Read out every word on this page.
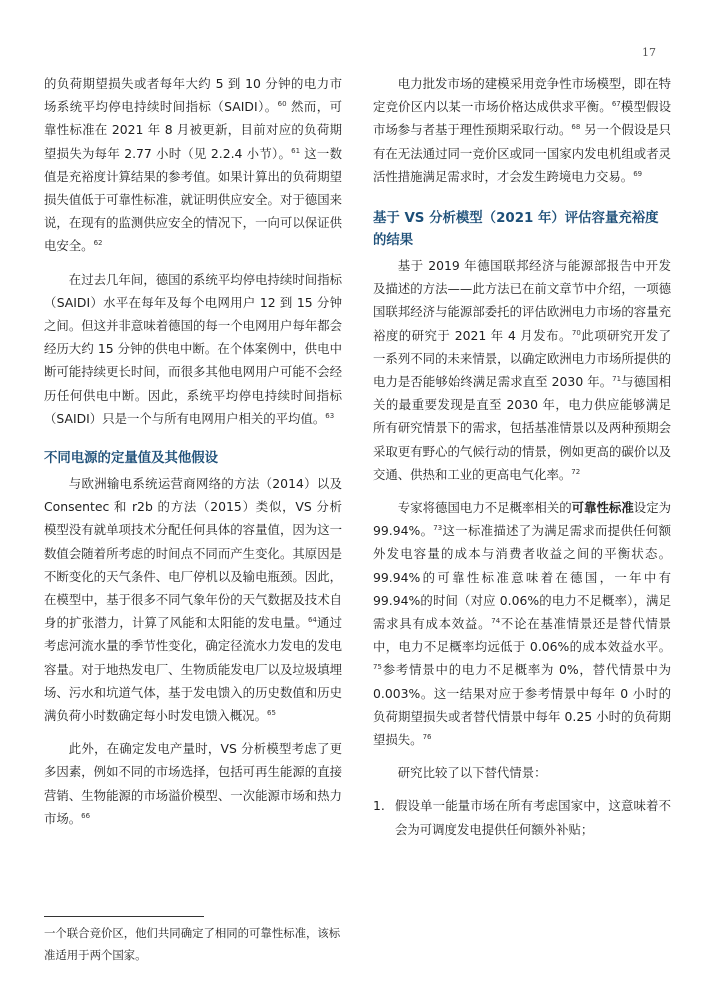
17

的负荷期望损失或者每年大约 5 到 10 分钟的电力市场系统平均停电持续时间指标（SAIDI）。$^{60}$ 然而，可靠性标准在 2021 年 8 月被更新，目前对应的负荷期望损失为每年 2.77 小时（见 2.2.4 小节）。$^{61}$ 这一数值是充裕度计算结果的参考值。如果计算出的负荷期望损失值低于可靠性标准，就证明供应安全。对于德国来说，在现有的监测供应安全的情况下，一向可以保证供电安全。$^{62}$

在过去几年间，德国的系统平均停电持续时间指标（SAIDI）水平在每年及每个电网用户 12 到 15 分钟之间。但这并非意味着德国的每一个电网用户每年都会经历大约 15 分钟的供电中断。在个体案例中，供电中断可能持续更长时间，而很多其他电网用户可能不会经历任何供电中断。因此，系统平均停电持续时间指标（SAIDI）只是一个与所有电网用户相关的平均值。$^{63}$

不同电源的定量值及其他假设

与欧洲输电系统运营商网络的方法（2014）以及 Consentec 和 r2b 的方法（2015）类似，VS 分析模型没有就单项技术分配任何具体的容量值，因为这一数值会随着所考虑的时间点不同而产生变化。其原因是不断变化的天气条件、电厂停机以及输电瓶颈。因此，在模型中，基于很多不同气象年份的天气数据及技术自身的扩张潜力，计算了风能和太阳能的发电量。$^{64}$通过考虑河流水量的季节性变化，确定径流水力发电的发电容量。对于地热发电厂、生物质能发电厂以及垃圾填埋场、污水和坑道气体，基于发电馈入的历史数值和历史满负荷小时数确定每小时发电馈入概况。$^{65}$

此外，在确定发电产量时，VS 分析模型考虑了更多因素，例如不同的市场选择，包括可再生能源的直接营销、生物能源的市场溢价模型、一次能源市场和热力市场。$^{66}$

电力批发市场的建模采用竞争性市场模型，即在特定竞价区内以某一市场价格达成供求平衡。$^{67}$模型假设市场参与者基于理性预期采取行动。$^{68}$ 另一个假设是只有在无法通过同一竞价区或同一国家内发电机组或者灵活性措施满足需求时，才会发生跨境电力交易。$^{69}$

基于 VS 分析模型（2021 年）评估容量充裕度的结果

基于 2019 年德国联邦经济与能源部报告中开发及描述的方法——此方法已在前文章节中介绍，一项德国联邦经济与能源部委托的评估欧洲电力市场的容量充裕度的研究于 2021 年 4 月发布。$^{70}$此项研究开发了一系列不同的未来情景，以确定欧洲电力市场所提供的电力是否能够始终满足需求直至 2030 年。$^{71}$与德国相关的最重要发现是直至 2030 年，电力供应能够满足所有研究情景下的需求，包括基准情景以及两种预期会采取更有野心的气候行动的情景，例如更高的碳价以及交通、供热和工业的更高电气化率。$^{72}$

专家将德国电力不足概率相关的可靠性标准设定为 99.94%。$^{73}$这一标准描述了为满足需求而提供任何额外发电容量的成本与消费者收益之间的平衡状态。99.94%的可靠性标准意味着在德国，一年中有 99.94%的时间（对应 0.06%的电力不足概率），满足需求具有成本效益。$^{74}$不论在基准情景还是替代情景中，电力不足概率均远低于 0.06%的成本效益水平。$^{75}$参考情景中的电力不足概率为 0%，替代情景中为 0.003%。这一结果对应于参考情景中每年 0 小时的负荷期望损失或者替代情景中每年 0.25 小时的负荷期望损失。$^{76}$

研究比较了以下替代情景：

1. 假设单一能量市场在所有考虑国家中，这意味着不会为可调度发电提供任何额外补贴；
一个联合竞价区，他们共同确定了相同的可靠性标准，该标准适用于两个国家。
